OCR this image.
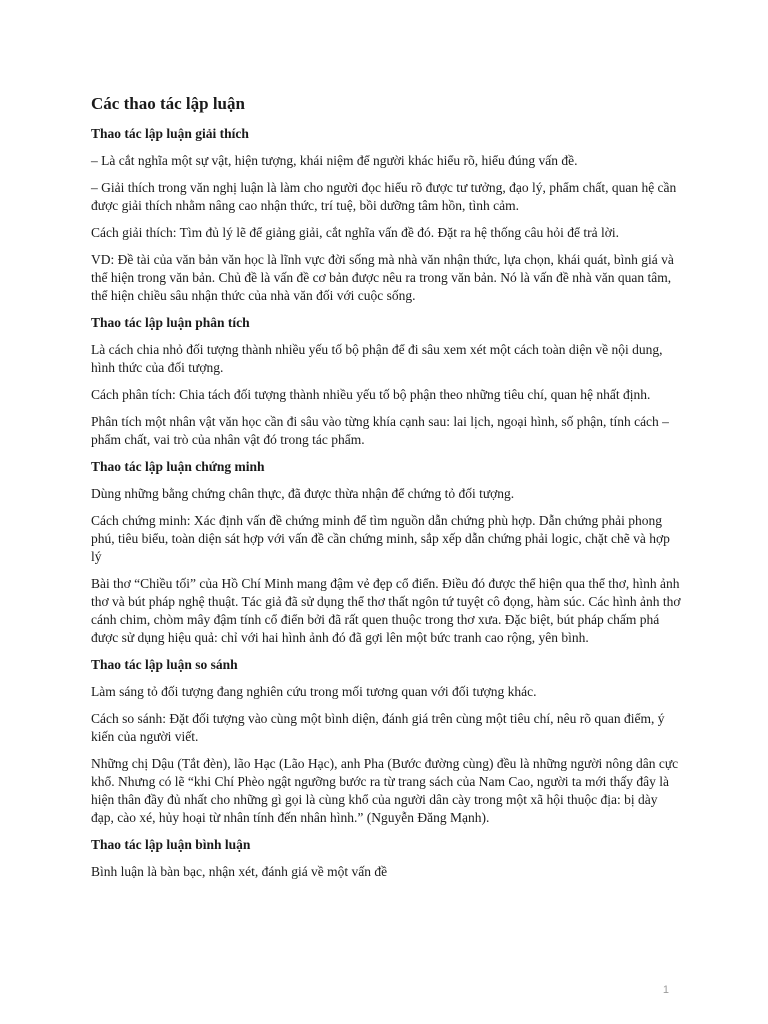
Các thao tác lập luận
Thao tác lập luận giải thích

– Là cắt nghĩa một sự vật, hiện tượng, khái niệm để người khác hiểu rõ, hiểu đúng vấn đề.

– Giải thích trong văn nghị luận là làm cho người đọc hiểu rõ được tư tưởng, đạo lý, phẩm chất, quan hệ cần được giải thích nhằm nâng cao nhận thức, trí tuệ, bồi dưỡng tâm hồn, tình cảm.

Cách giải thích: Tìm đủ lý lẽ để giảng giải, cắt nghĩa vấn đề đó. Đặt ra hệ thống câu hỏi để trả lời.

VD: Đề tài của văn bản văn học là lĩnh vực đời sống mà nhà văn nhận thức, lựa chọn, khái quát, bình giá và thể hiện trong văn bản. Chủ đề là vấn đề cơ bản được nêu ra trong văn bản. Nó là vấn đề nhà văn quan tâm, thể hiện chiều sâu nhận thức của nhà văn đối với cuộc sống.

Thao tác lập luận phân tích

Là cách chia nhỏ đối tượng thành nhiều yếu tố bộ phận để đi sâu xem xét một cách toàn diện về nội dung, hình thức của đối tượng.

Cách phân tích: Chia tách đối tượng thành nhiều yếu tố bộ phận theo những tiêu chí, quan hệ nhất định.

Phân tích một nhân vật văn học cần đi sâu vào từng khía cạnh sau: lai lịch, ngoại hình, số phận, tính cách – phẩm chất, vai trò của nhân vật đó trong tác phẩm.

Thao tác lập luận chứng minh

Dùng những bằng chứng chân thực, đã được thừa nhận để chứng tỏ đối tượng.

Cách chứng minh: Xác định vấn đề chứng minh để tìm nguồn dẫn chứng phù hợp. Dẫn chứng phải phong phú, tiêu biểu, toàn diện sát hợp với vấn đề cần chứng minh, sắp xếp dẫn chứng phải logic, chặt chẽ và hợp lý

Bài thơ “Chiều tối” của Hồ Chí Minh mang đậm vẻ đẹp cổ điển. Điều đó được thể hiện qua thể thơ, hình ảnh thơ và bút pháp nghệ thuật. Tác giả đã sử dụng thể thơ thất ngôn tứ tuyệt cô đọng, hàm súc. Các hình ảnh thơ cánh chim, chòm mây đậm tính cổ điển bởi đã rất quen thuộc trong thơ xưa. Đặc biệt, bút pháp chấm phá được sử dụng hiệu quả: chỉ với hai hình ảnh đó đã gợi lên một bức tranh cao rộng, yên bình.

Thao tác lập luận so sánh

Làm sáng tỏ đối tượng đang nghiên cứu trong mối tương quan với đối tượng khác.

Cách so sánh: Đặt đối tượng vào cùng một bình diện, đánh giá trên cùng một tiêu chí, nêu rõ quan điểm, ý kiến của người viết.

Những chị Dậu (Tắt đèn), lão Hạc (Lão Hạc), anh Pha (Bước đường cùng) đều là những người nông dân cực khổ. Nhưng có lẽ “khi Chí Phèo ngật ngưỡng bước ra từ trang sách của Nam Cao, người ta mới thấy đây là hiện thân đầy đủ nhất cho những gì gọi là cùng khổ của người dân cày trong một xã hội thuộc địa: bị dày đạp, cào xé, hủy hoại từ nhân tính đến nhân hình.” (Nguyễn Đăng Mạnh).

Thao tác lập luận bình luận

Bình luận là bàn bạc, nhận xét, đánh giá về một vấn đề

1
